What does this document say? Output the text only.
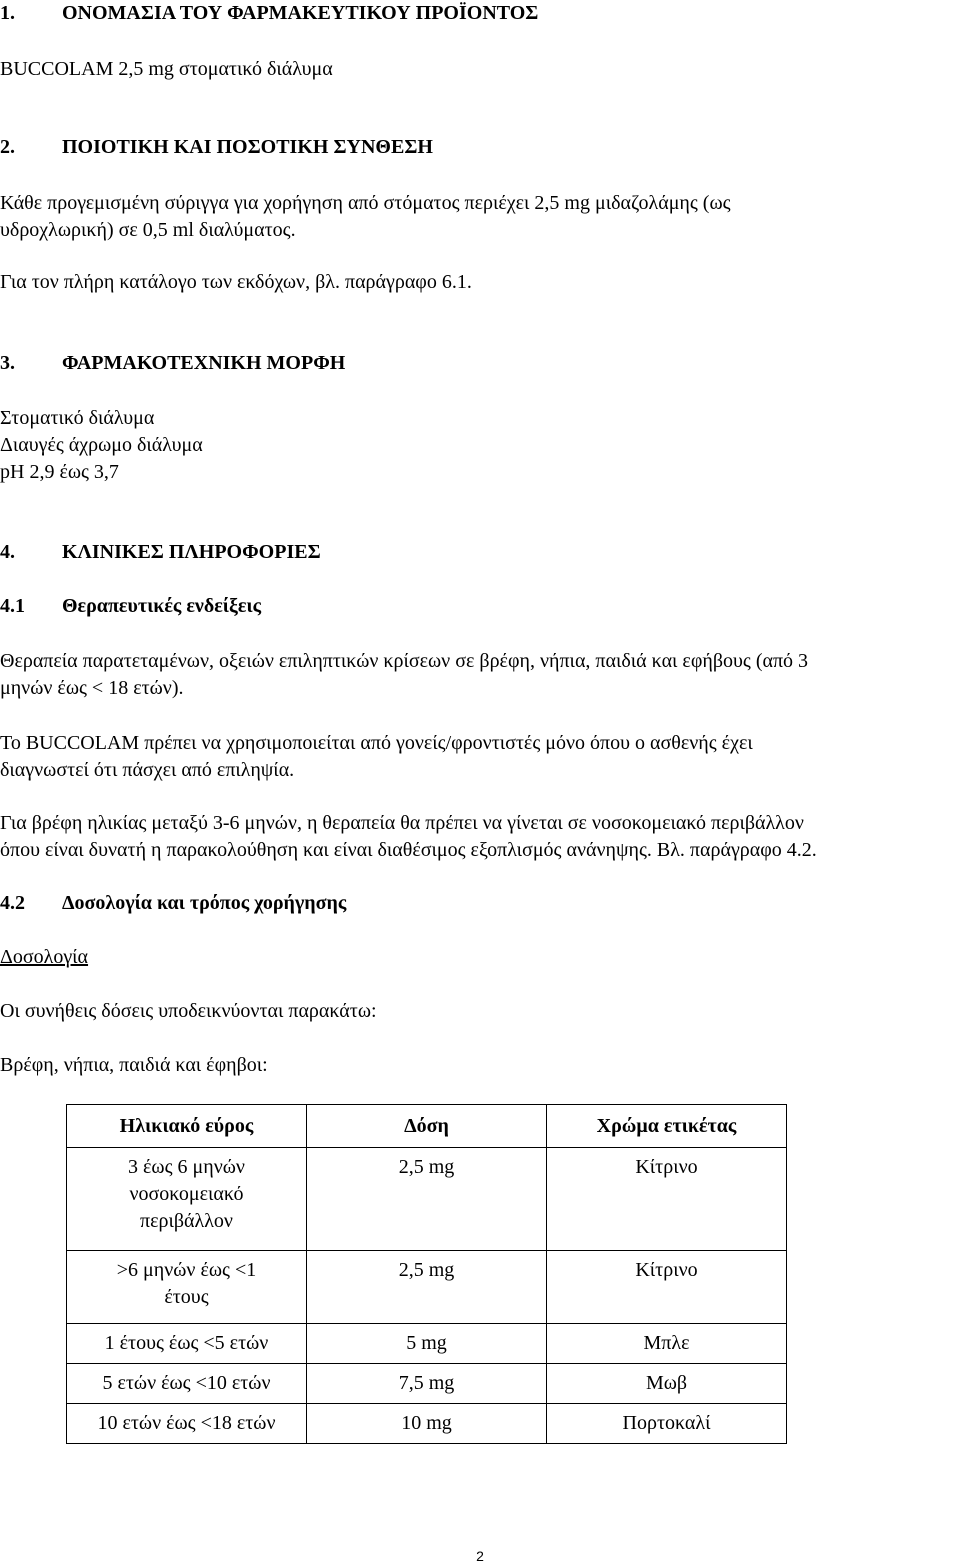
1. ΟΝΟΜΑΣΙΑ ΤΟΥ ΦΑΡΜΑΚΕΥΤΙΚΟΥ ΠΡΟΪΟΝΤΟΣ
BUCCOLAM 2,5 mg στοματικό διάλυμα
2. ΠΟΙΟΤΙΚΗ ΚΑΙ ΠΟΣΟΤΙΚΗ ΣΥΝΘΕΣΗ
Κάθε προγεμισμένη σύριγγα για χορήγηση από στόματος περιέχει 2,5 mg μιδαζολάμης (ως
υδροχλωρική) σε 0,5 ml διαλύματος.
Για τον πλήρη κατάλογο των εκδόχων, βλ. παράγραφο 6.1.
3. ΦΑΡΜΑΚΟΤΕΧΝΙΚΗ ΜΟΡΦΗ
Στοματικό διάλυμα
Διαυγές άχρωμο διάλυμα
pH 2,9 έως 3,7
4. ΚΛΙΝΙΚΕΣ ΠΛΗΡΟΦΟΡΙΕΣ
4.1 Θεραπευτικές ενδείξεις
Θεραπεία παρατεταμένων, οξειών επιληπτικών κρίσεων σε βρέφη, νήπια, παιδιά και εφήβους (από 3
μηνών έως < 18 ετών).
Το BUCCOLAM πρέπει να χρησιμοποιείται από γονείς/φροντιστές μόνο όπου ο ασθενής έχει
διαγνωστεί ότι πάσχει από επιληψία.
Για βρέφη ηλικίας μεταξύ 3-6 μηνών, η θεραπεία θα πρέπει να γίνεται σε νοσοκομειακό περιβάλλον
όπου είναι δυνατή η παρακολούθηση και είναι διαθέσιμος εξοπλισμός ανάνηψης. Βλ. παράγραφο 4.2.
4.2 Δοσολογία και τρόπος χορήγησης
Δοσολογία
Οι συνήθεις δόσεις υποδεικνύονται παρακάτω:
Βρέφη, νήπια, παιδιά και έφηβοι:
Ηλικιακό εύρος	Δόση	Χρώμα ετικέτας

3 έως 6 μηνών
νοσοκομειακό
περιβάλλον	2,5 mg	Κίτρινο

>6 μηνών έως <1
έτους	2,5 mg	Κίτρινο
1 έτους έως <5 ετών	5 mg	Μπλε
5 ετών έως <10 ετών	7,5 mg	Μωβ
10 ετών έως <18 ετών	10 mg	Πορτοκαλί
2
